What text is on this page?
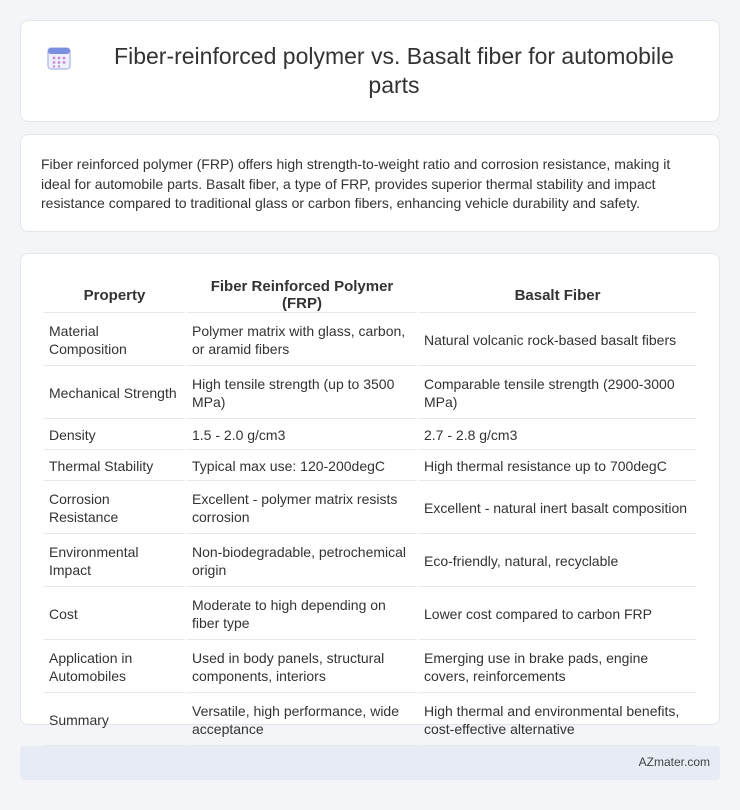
Fiber-reinforced polymer vs. Basalt fiber for automobile parts

Fiber reinforced polymer (FRP) offers high strength-to-weight ratio and corrosion resistance, making it ideal for automobile parts. Basalt fiber, a type of FRP, provides superior thermal stability and impact resistance compared to traditional glass or carbon fibers, enhancing vehicle durability and safety.

Property	Fiber Reinforced Polymer (FRP)	Basalt Fiber
Material Composition	Polymer matrix with glass, carbon, or aramid fibers	Natural volcanic rock-based basalt fibers
Mechanical Strength	High tensile strength (up to 3500 MPa)	Comparable tensile strength (2900-3000 MPa)
Density	1.5 - 2.0 g/cm3	2.7 - 2.8 g/cm3
Thermal Stability	Typical max use: 120-200degC	High thermal resistance up to 700degC
Corrosion Resistance	Excellent - polymer matrix resists corrosion	Excellent - natural inert basalt composition
Environmental Impact	Non-biodegradable, petrochemical origin	Eco-friendly, natural, recyclable
Cost	Moderate to high depending on fiber type	Lower cost compared to carbon FRP
Application in Automobiles	Used in body panels, structural components, interiors	Emerging use in brake pads, engine covers, reinforcements
Summary	Versatile, high performance, wide acceptance	High thermal and environmental benefits, cost-effective alternative
AZmater.com
